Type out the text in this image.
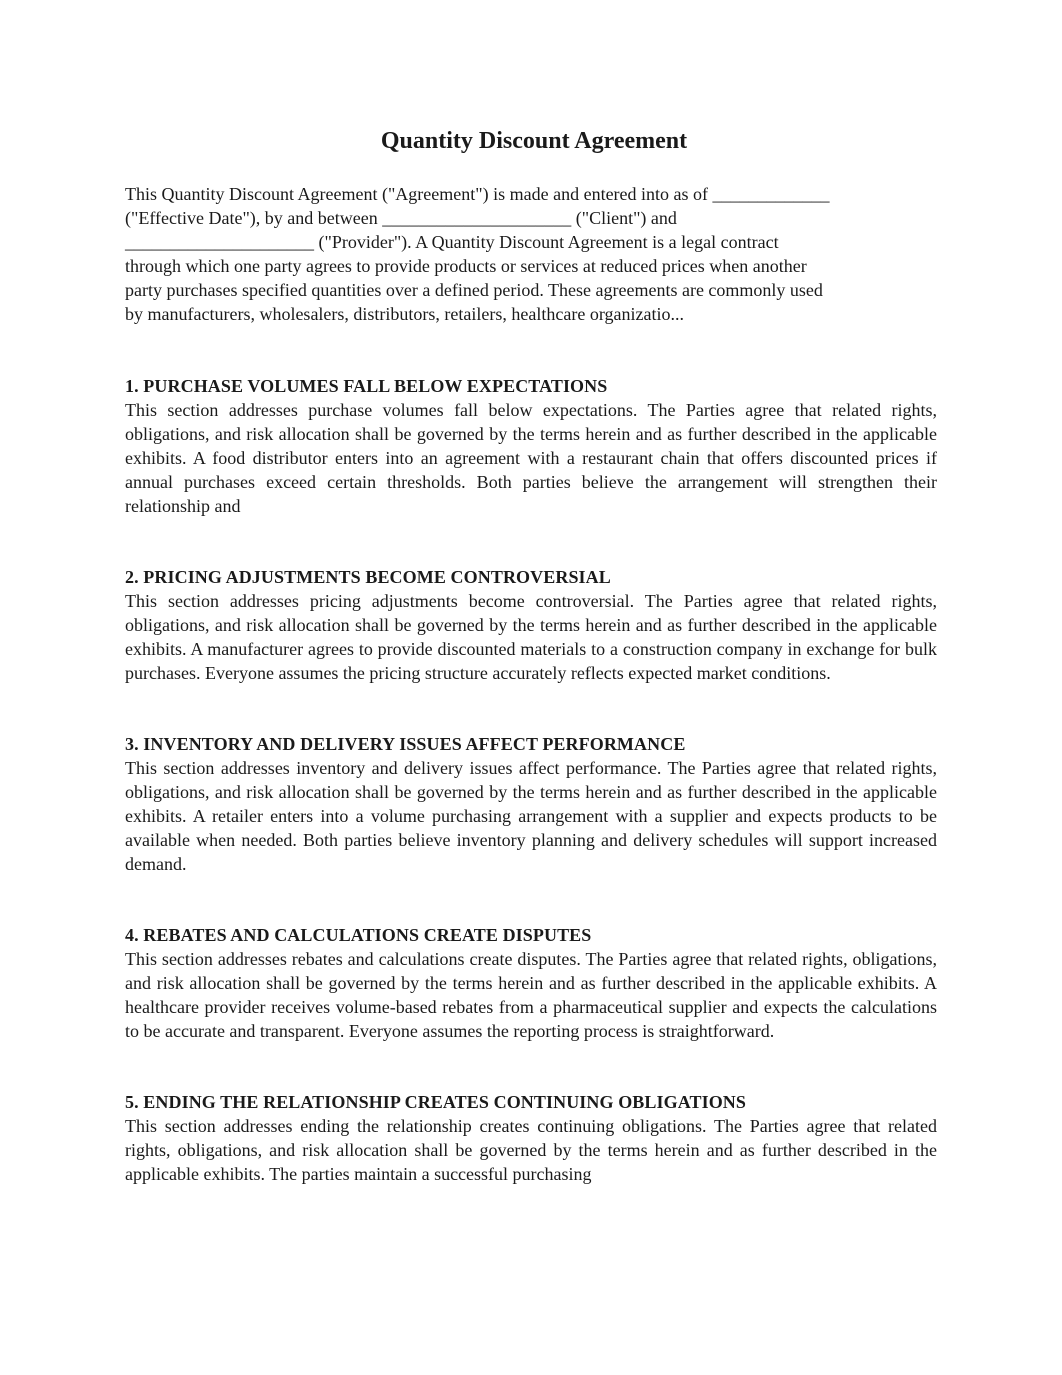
Quantity Discount Agreement

This Quantity Discount Agreement ("Agreement") is made and entered into as of _____________
("Effective Date"), by and between _____________________ ("Client") and
_____________________ ("Provider"). A Quantity Discount Agreement is a legal contract
through which one party agrees to provide products or services at reduced prices when another
party purchases specified quantities over a defined period. These agreements are commonly used
by manufacturers, wholesalers, distributors, retailers, healthcare organizatio...

1. PURCHASE VOLUMES FALL BELOW EXPECTATIONS

This section addresses purchase volumes fall below expectations. The Parties agree that related rights, obligations, and risk allocation shall be governed by the terms herein and as further described in the applicable exhibits. A food distributor enters into an agreement with a restaurant chain that offers discounted prices if annual purchases exceed certain thresholds. Both parties believe the arrangement will strengthen their relationship and

2. PRICING ADJUSTMENTS BECOME CONTROVERSIAL

This section addresses pricing adjustments become controversial. The Parties agree that related rights, obligations, and risk allocation shall be governed by the terms herein and as further described in the applicable exhibits. A manufacturer agrees to provide discounted materials to a construction company in exchange for bulk purchases. Everyone assumes the pricing structure accurately reflects expected market conditions.

3. INVENTORY AND DELIVERY ISSUES AFFECT PERFORMANCE

This section addresses inventory and delivery issues affect performance. The Parties agree that related rights, obligations, and risk allocation shall be governed by the terms herein and as further described in the applicable exhibits. A retailer enters into a volume purchasing arrangement with a supplier and expects products to be available when needed. Both parties believe inventory planning and delivery schedules will support increased demand.

4. REBATES AND CALCULATIONS CREATE DISPUTES

This section addresses rebates and calculations create disputes. The Parties agree that related rights, obligations, and risk allocation shall be governed by the terms herein and as further described in the applicable exhibits. A healthcare provider receives volume-based rebates from a pharmaceutical supplier and expects the calculations to be accurate and transparent. Everyone assumes the reporting process is straightforward.

5. ENDING THE RELATIONSHIP CREATES CONTINUING OBLIGATIONS

This section addresses ending the relationship creates continuing obligations. The Parties agree that related rights, obligations, and risk allocation shall be governed by the terms herein and as further described in the applicable exhibits. The parties maintain a successful purchasing
